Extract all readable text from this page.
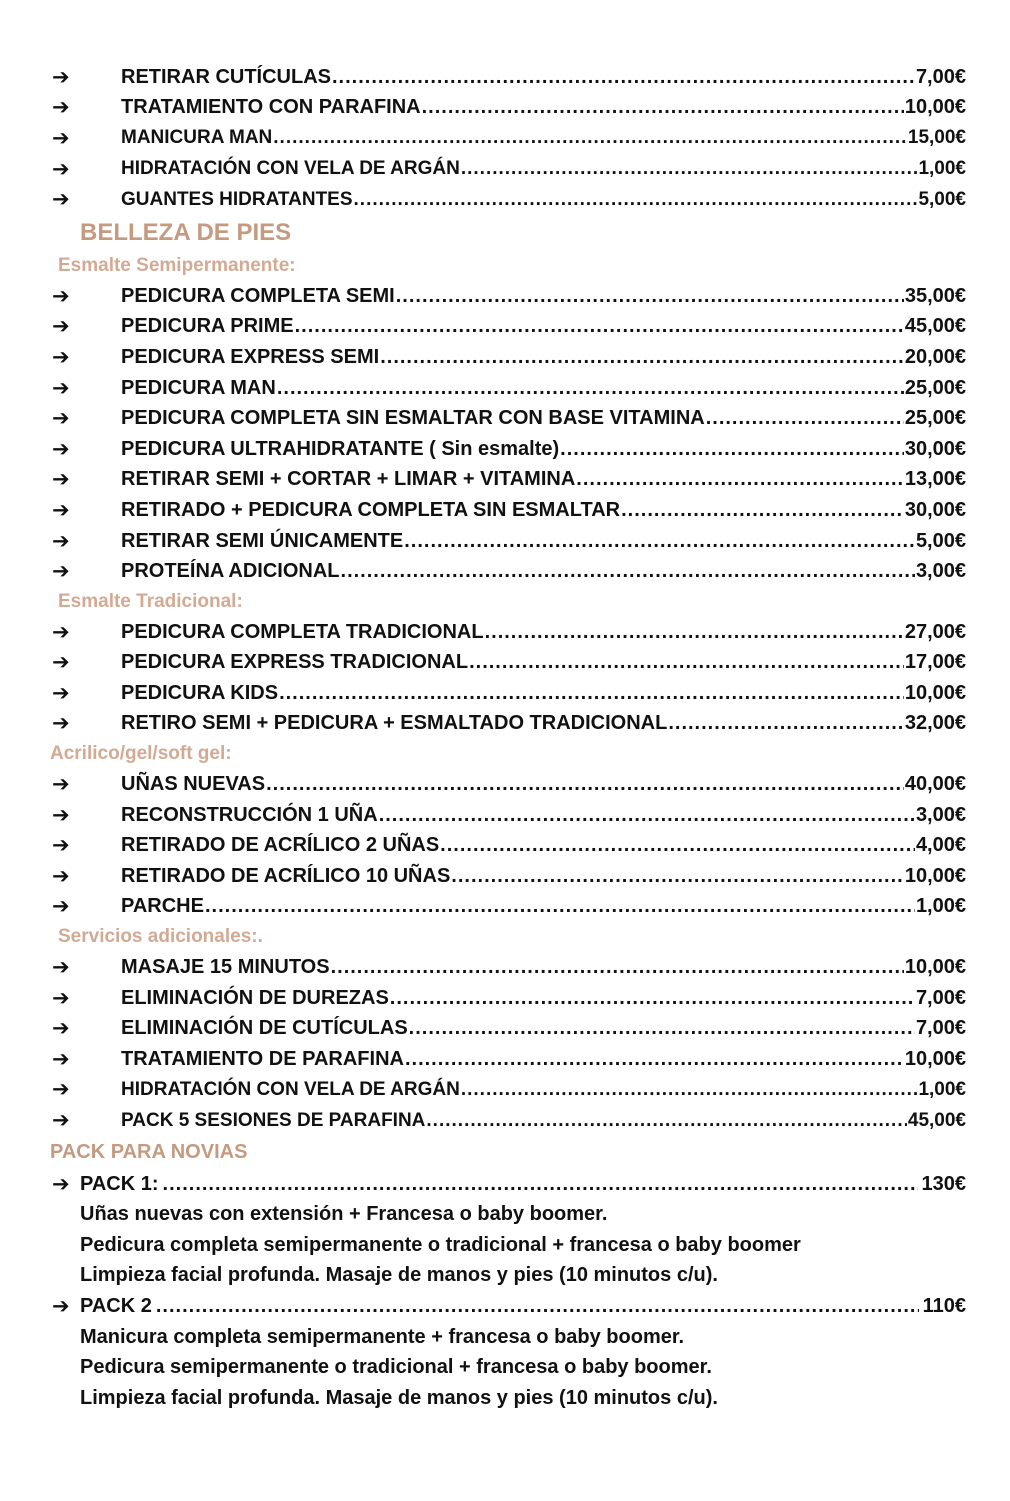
➔	RETIRAR CUTÍCULAS .....	7,00€
➔	TRATAMIENTO CON PARAFINA .....	10,00€
➔	MANICURA MAN .....	15,00€
➔	HIDRATACIÓN CON VELA DE ARGÁN .....	1,00€
➔	GUANTES HIDRATANTES .....	5,00€
BELLEZA DE PIES
Esmalte Semipermanente:
➔	PEDICURA COMPLETA SEMI .....	35,00€
➔	PEDICURA PRIME .....	45,00€
➔	PEDICURA EXPRESS SEMI .....	20,00€
➔	PEDICURA MAN .....	25,00€
➔	PEDICURA COMPLETA SIN ESMALTAR CON BASE VITAMINA .....	25,00€
➔	PEDICURA ULTRAHIDRATANTE ( Sin esmalte) .....	30,00€
➔	RETIRAR SEMI + CORTAR + LIMAR + VITAMINA .....	13,00€
➔	RETIRADO + PEDICURA COMPLETA SIN ESMALTAR .....	30,00€
➔	RETIRAR SEMI ÚNICAMENTE .....	5,00€
➔	PROTEÍNA ADICIONAL .....	3,00€
Esmalte Tradicional:
➔	PEDICURA COMPLETA TRADICIONAL .....	27,00€
➔	PEDICURA EXPRESS TRADICIONAL .....	17,00€
➔	PEDICURA KIDS .....	10,00€
➔	RETIRO SEMI + PEDICURA + ESMALTADO TRADICIONAL .....	32,00€
Acrilico/gel/soft gel:
➔	UÑAS NUEVAS .....	40,00€
➔	RECONSTRUCCIÓN 1 UÑA .....	3,00€
➔	RETIRADO DE ACRÍLICO 2 UÑAS .....	4,00€
➔	RETIRADO DE ACRÍLICO 10 UÑAS .....	10,00€
➔	PARCHE .....	1,00€
Servicios adicionales:.
➔	MASAJE 15 MINUTOS .....	10,00€
➔	ELIMINACIÓN DE DUREZAS .....	7,00€
➔	ELIMINACIÓN DE CUTÍCULAS .....	7,00€
➔	TRATAMIENTO DE PARAFINA .....	10,00€
➔	HIDRATACIÓN CON VELA DE ARGÁN .....	1,00€
➔	PACK 5 SESIONES DE PARAFINA .....	45,00€
PACK PARA NOVIAS
➔ PACK 1: .....	130€
Uñas nuevas con extensión + Francesa o baby boomer.
Pedicura completa semipermanente o tradicional + francesa o baby boomer
Limpieza facial profunda. Masaje de manos y pies (10 minutos c/u).
➔ PACK 2 .....	110€
Manicura completa semipermanente + francesa o baby boomer.
Pedicura semipermanente o tradicional + francesa o baby boomer.
Limpieza facial profunda. Masaje de manos y pies (10 minutos c/u).
